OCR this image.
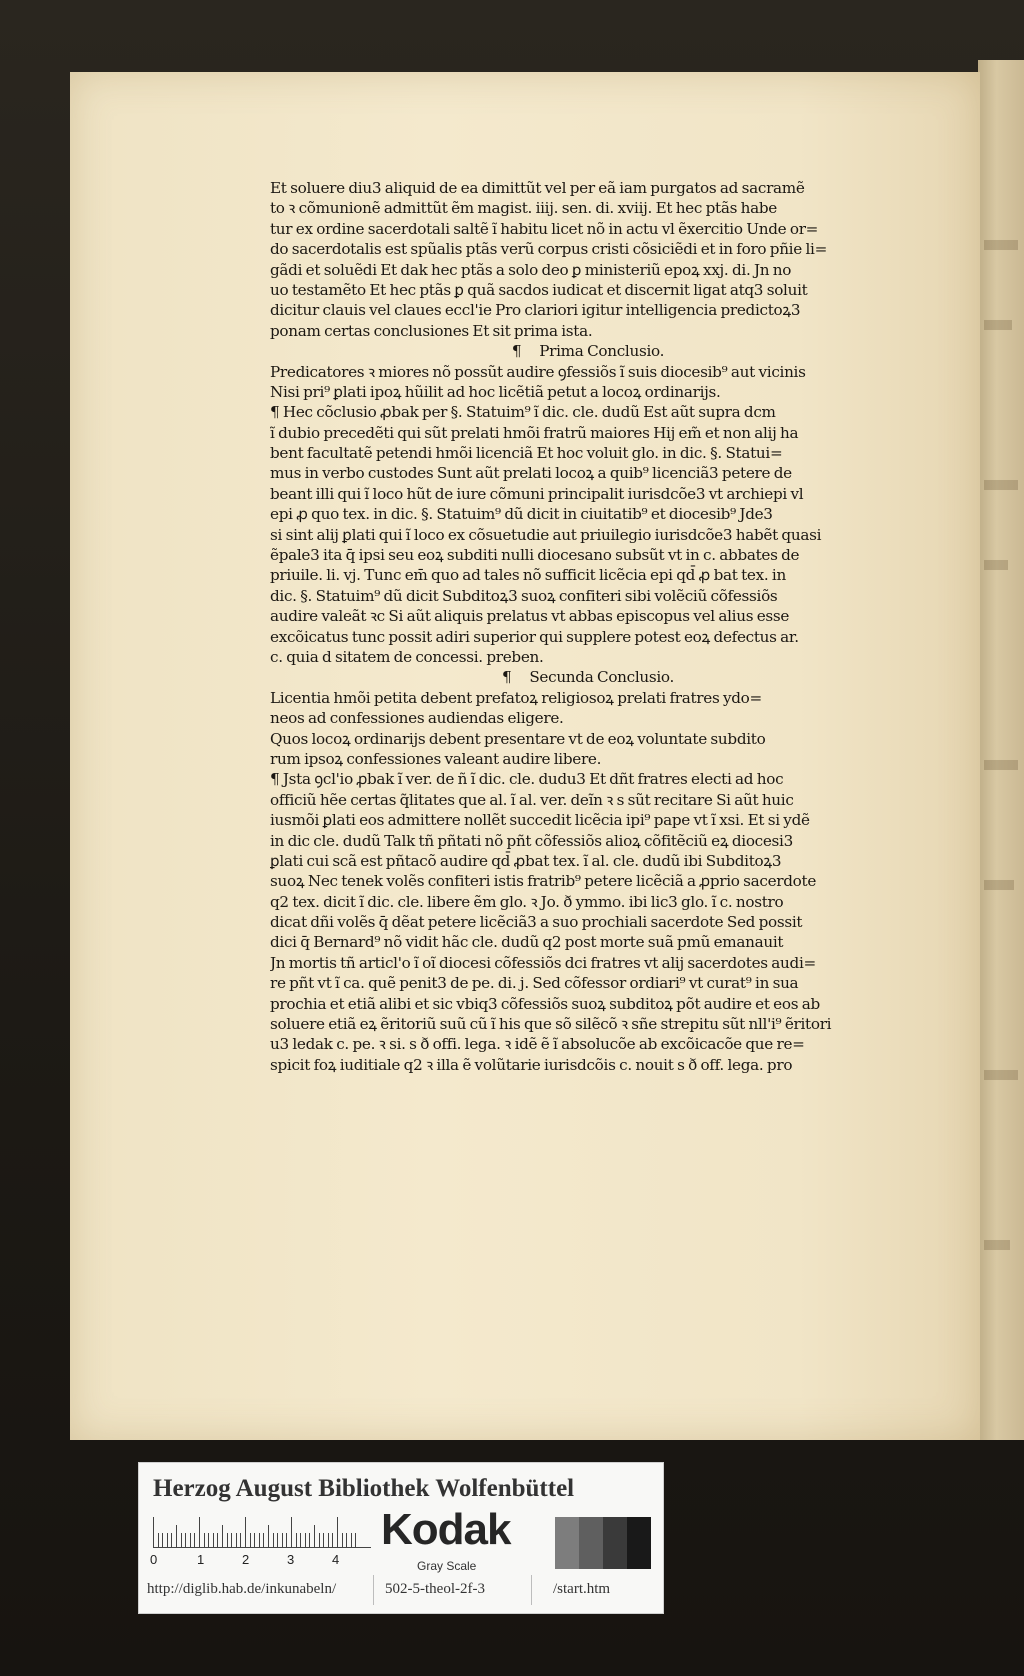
Et soluere diu3 aliquid de ea dimittũt vel per eã iam purgatos ad sacramẽ
to ꝛ cõmunionẽ admittũt ẽm magist. iiij. sen. di. xviij. Et hec ptãs habe
tur ex ordine sacerdotali saltẽ ĩ habitu licet nõ in actu vl ẽxercitio Unde or=
do sacerdotalis est spũalis ptãs verũ corpus cristi cõsiciẽdi et in foro pñie li=
gãdi et soluẽdi Et dak hec ptãs a solo deo ꝑ ministeriũ epoꝝ xxj. di. Jn no
uo testamẽto Et hec ptãs ꝑ quã sacdos iudicat et discernit ligat atq3 soluit
dicitur clauis vel claues eccl'ie Pro clariori igitur intelligencia predictoꝝ3
ponam certas conclusiones Et sit prima ista.
¶ Prima Conclusio.
Predicatores ꝛ miores nõ possũt audire ꝯfessiõs ĩ suis diocesib⁹ aut vicinis
Nisi pri⁹ ꝑlati ipoꝝ hũilit ad hoc licẽtiã petut a locoꝝ ordinarijs.
¶ Hec cõclusio ꝓbak per §. Statuim⁹ ĩ dic. cle. dudũ Est aũt supra dcm
ĩ dubio precedẽti qui sũt prelati hmõi fratrũ maiores Hij em̃ et non alij ha
bent facultatẽ petendi hmõi licenciã Et hoc voluit glo. in dic. §. Statui=
mus in verbo custodes Sunt aũt prelati locoꝝ a quib⁹ licenciã3 petere de
beant illi qui ĩ loco hũt de iure cõmuni principalit iurisdcõe3 vt archiepi vl
epi ꝓ quo tex. in dic. §. Statuim⁹ dũ dicit in ciuitatib⁹ et diocesib⁹ Jde3
si sint alij ꝑlati qui ĩ loco ex cõsuetudie aut priuilegio iurisdcõe3 habẽt quasi
ẽpale3 ita q̄ ipsi seu eoꝝ subditi nulli diocesano subsũt vt in c. abbates de
priuile. li. vj. Tunc em̄ quo ad tales nõ sufficit licẽcia epi qd̄ ꝓ bat tex. in
dic. §. Statuim⁹ dũ dicit Subditoꝝ3 suoꝝ confiteri sibi volẽciũ cõfessiõs
audire valeãt ꝛc Si aũt aliquis prelatus vt abbas episcopus vel alius esse
excõicatus tunc possit adiri superior qui supplere potest eoꝝ defectus ar.
c. quia d sitatem de concessi. preben.
¶ Secunda Conclusio.
Licentia hmõi petita debent prefatoꝝ religiosoꝝ prelati fratres ydo=
neos ad confessiones audiendas eligere.
Quos locoꝝ ordinarijs debent presentare vt de eoꝝ voluntate subdito
rum ipsoꝝ confessiones valeant audire libere.
¶ Jsta ꝯcl'io ꝓbak ĩ ver. de ñ ĩ dic. cle. dudu3 Et dñt fratres electi ad hoc
officiũ hẽe certas q̃litates que al. ĩ al. ver. deĩn ꝛ s sũt recitare Si aũt huic
iusmõi ꝑlati eos admittere nollẽt succedit licẽcia ipi⁹ pape vt ĩ xsi. Et si ydẽ
in dic cle. dudũ Talk tñ pñtati nõ pñt cõfessiõs alioꝝ cõfitẽciũ eꝝ diocesi3
ꝑlati cui scã est pñtacõ audire qd̄ ꝓbat tex. ĩ al. cle. dudũ ibi Subditoꝝ3
suoꝝ Nec tenek volẽs confiteri istis fratrib⁹ petere licẽciã a ꝓprio sacerdote
q2 tex. dicit ĩ dic. cle. libere ẽm glo. ꝛ Jo. ð ymmo. ibi lic3 glo. ĩ c. nostro
dicat dñi volẽs q̄ dẽat petere licẽciã3 a suo prochiali sacerdote Sed possit
dici q̄ Bernard⁹ nõ vidit hãc cle. dudũ q2 post morte suã pmũ emanauit
Jn mortis tñ articl'o ĩ oĩ diocesi cõfessiõs dci fratres vt alij sacerdotes audi=
re pñt vt ĩ ca. quẽ penit3 de pe. di. j. Sed cõfessor ordiari⁹ vt curat⁹ in sua
prochia et etiã alibi et sic vbiq3 cõfessiõs suoꝝ subditoꝝ põt audire et eos ab
soluere etiã eꝝ ẽritoriũ suũ cũ ĩ his que sõ silẽcõ ꝛ sñe strepitu sũt nll'i⁹ ẽritori
u3 ledak c. pe. ꝛ si. s ð offi. lega. ꝛ idẽ ẽ ĩ absolucõe ab excõicacõe que re=
spicit foꝝ iuditiale q2 ꝛ illa ẽ volũtarie iurisdcõis c. nouit s ð off. lega. pro
Herzog August Bibliothek Wolfenbüttel
0	1	2	3	4
Kodak
Gray Scale
http://diglib.hab.de/inkunabeln/	502-5-theol-2f-3	/start.htm
